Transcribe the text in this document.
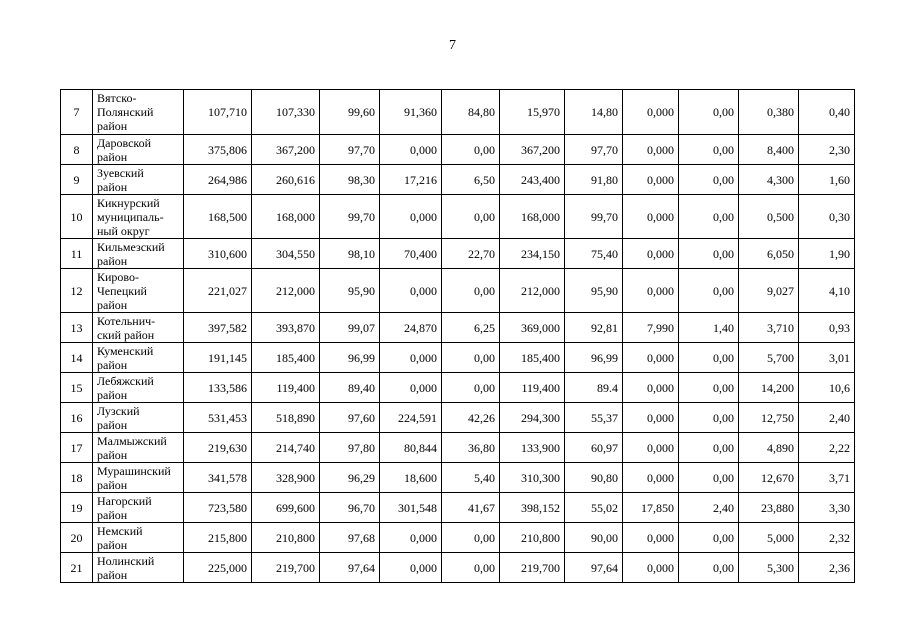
7
7	Вятско-
Полянский
район	107,710	107,330	99,60	91,360	84,80	15,970	14,80	0,000	0,00	0,380	0,40
8	Даровской
район	375,806	367,200	97,70	0,000	0,00	367,200	97,70	0,000	0,00	8,400	2,30
9	Зуевский
район	264,986	260,616	98,30	17,216	6,50	243,400	91,80	0,000	0,00	4,300	1,60
10	Кикнурский
муниципаль-
ный округ	168,500	168,000	99,70	0,000	0,00	168,000	99,70	0,000	0,00	0,500	0,30
11	Кильмезский
район	310,600	304,550	98,10	70,400	22,70	234,150	75,40	0,000	0,00	6,050	1,90
12	Кирово-
Чепецкий
район	221,027	212,000	95,90	0,000	0,00	212,000	95,90	0,000	0,00	9,027	4,10
13	Котельнич-
ский район	397,582	393,870	99,07	24,870	6,25	369,000	92,81	7,990	1,40	3,710	0,93
14	Куменский
район	191,145	185,400	96,99	0,000	0,00	185,400	96,99	0,000	0,00	5,700	3,01
15	Лебяжский
район	133,586	119,400	89,40	0,000	0,00	119,400	89.4	0,000	0,00	14,200	10,6
16	Лузский
район	531,453	518,890	97,60	224,591	42,26	294,300	55,37	0,000	0,00	12,750	2,40
17	Малмыжский
район	219,630	214,740	97,80	80,844	36,80	133,900	60,97	0,000	0,00	4,890	2,22
18	Мурашинский
район	341,578	328,900	96,29	18,600	5,40	310,300	90,80	0,000	0,00	12,670	3,71
19	Нагорский
район	723,580	699,600	96,70	301,548	41,67	398,152	55,02	17,850	2,40	23,880	3,30
20	Немский
район	215,800	210,800	97,68	0,000	0,00	210,800	90,00	0,000	0,00	5,000	2,32
21	Нолинский
район	225,000	219,700	97,64	0,000	0,00	219,700	97,64	0,000	0,00	5,300	2,36
